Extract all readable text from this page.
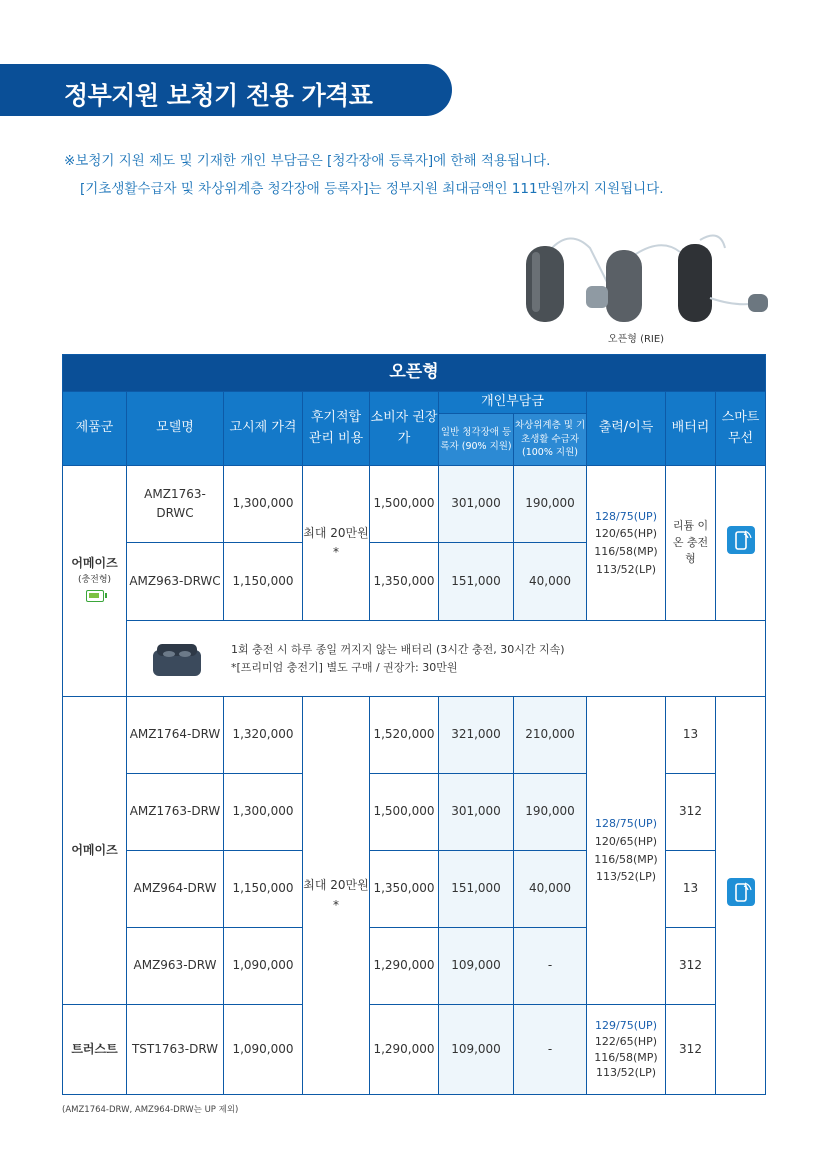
정부지원 보청기 전용 가격표
※보청기 지원 제도 및 기재한 개인 부담금은 [청각장애 등록자]에 한해 적용됩니다.
[기초생활수급자 및 차상위계층 청각장애 등록자]는 정부지원 최대금액인 111만원까지 지원됩니다.
오픈형 (RIE)
오픈형									
제품군	모델명	고시제 가격	후기적합 관리 비용	소비자 권장가	개인부담금		출력/이득	배터리	스마트 무선
					일반 청각장애 등록자 (90% 지원)	차상위계층 및 기초생활 수급자 (100% 지원)			
어메이즈
(충전형)	AMZ1763-DRWC	1,300,000	최대 20만원*	1,500,000	301,000	190,000	128/75(UP)
120/65(HP)
116/58(MP)
113/52(LP)	리튬 이온 충전형	
	AMZ963-DRWC	1,150,000		1,350,000	151,000	40,000			

	1회 충전 시 하루 종일 꺼지지 않는 배터리 (3시간 충전, 30시간 지속)
*[프리미엄 충전기] 별도 구매 / 권장가: 30만원								

어메이즈	AMZ1764-DRW	1,320,000	최대 20만원*	1,520,000	321,000	210,000	128/75(UP)
120/65(HP)
116/58(MP)
113/52(LP)	13	
	AMZ1763-DRW	1,300,000		1,500,000	301,000	190,000		312	
	AMZ964-DRW	1,150,000		1,350,000	151,000	40,000		13	
	AMZ963-DRW	1,090,000		1,290,000	109,000	-		312	
트러스트	TST1763-DRW	1,090,000		1,290,000	109,000	-	129/75(UP)
122/65(HP)
116/58(MP)
113/52(LP)	312	
(AMZ1764-DRW, AMZ964-DRW는 UP 제외)
